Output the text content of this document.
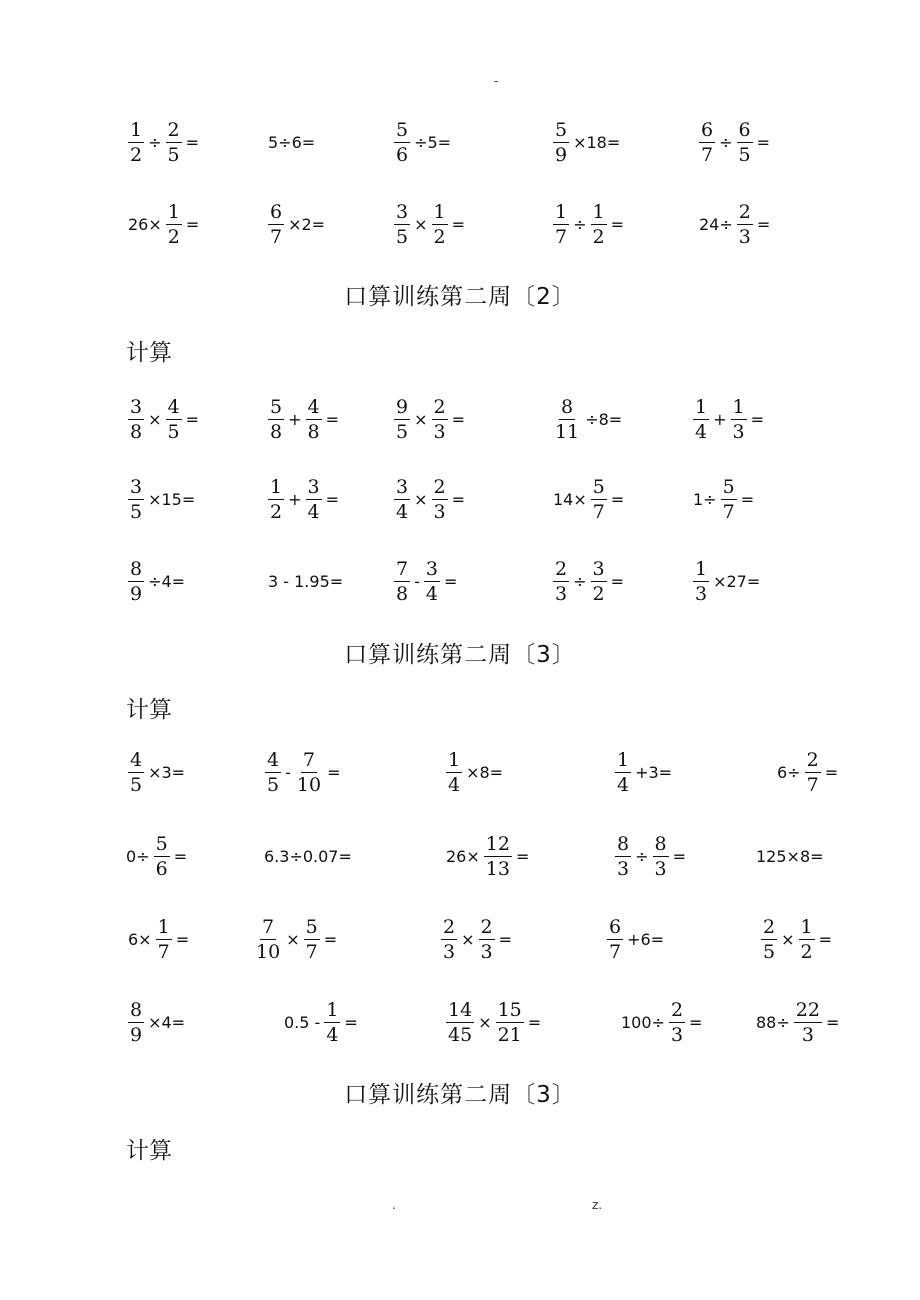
-
$\frac{1}{2} \div \frac{2}{5}$ =	5÷6=	$\frac{5}{6} \div 5=$	$\frac{5}{9} \times 18=$	$\frac{6}{7} \div \frac{6}{5}$ =
$26\times \frac{1}{2}$ =	$\frac{6}{7} \times 2=$	$\frac{3}{5} \times \frac{1}{2}$ =	$\frac{1}{7} \div \frac{1}{2}$ =	$24\div \frac{2}{3}$ =
口算训练第二周〔2〕
计算
$\frac{3}{8} \times \frac{4}{5}$ =	$\frac{5}{8} + \frac{4}{8}$ =	$\frac{9}{5} \times \frac{2}{3}$ =	$\frac{8}{11} \div 8=$	$\frac{1}{4} + \frac{1}{3}$ =
$\frac{3}{5} \times 15=$	$\frac{1}{2} + \frac{3}{4}$ =	$\frac{3}{4} \times \frac{2}{3}$ =	$14\times \frac{5}{7}$ =	$1\div \frac{5}{7}$ =
$\frac{8}{9} \div 4=$	3 - 1.95=	$\frac{7}{8} - \frac{3}{4}$ =	$\frac{2}{3} \div \frac{3}{2}$ =	$\frac{1}{3} \times 27=$
口算训练第二周〔3〕
计算
$\frac{4}{5} \times 3=$	$\frac{4}{5} - \frac{7}{10}$ =	$\frac{1}{4} \times 8=$	$\frac{1}{4} +3=$	$6\div \frac{2}{7}$ =
$0\div \frac{5}{6}$ =	6.3÷0.07=	$26\times \frac{12}{13}$ =	$\frac{8}{3} \div \frac{8}{3}$ =	125×8=
$6\times \frac{1}{7}$ =	$\frac{7}{10} \times \frac{5}{7}$ =	$\frac{2}{3} \times \frac{2}{3}$ =	$\frac{6}{7} +6=$	$\frac{2}{5} \times \frac{1}{2}$ =
$\frac{8}{9} \times 4=$	$0.5 - \frac{1}{4}$ =	$\frac{14}{45} \times \frac{15}{21}$ =	$100\div \frac{2}{3}$ =	$88\div \frac{22}{3}$ =
口算训练第二周〔3〕
计算
.	z.
